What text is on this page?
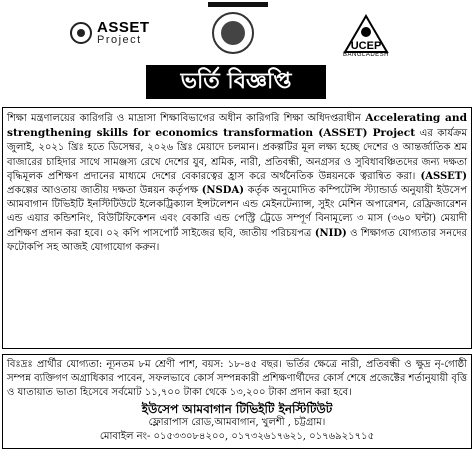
ASSET
Project	UCEP
BANGLADESH
ভর্তি বিজ্ঞপ্তি
শিক্ষা মন্ত্রণালয়ের কারিগরি ও মাদ্রাসা শিক্ষাবিভাগের অধীন কারিগরি শিক্ষা অধিদপ্তরাধীন Accelerating and strengthening skills for economics transformation (ASSET) Project এর কার্যক্রম জুলাই, ২০২১ খ্রিঃ হতে ডিসেম্বর, ২০২৬ খ্রিঃ মেয়াদে চলমান। প্রকল্পটির মূল লক্ষ্য হচ্ছে দেশের ও আন্তর্জাতিক শ্রম বাজারের চাহিদার সাথে সামঞ্জস্য রেখে দেশের যুব, শ্রমিক, নারী, প্রতিবন্ধী, অনগ্রসর ও সুবিধাবঞ্চিতদের জন্য দক্ষতা বৃদ্ধিমূলক প্রশিক্ষণ প্রদানের মাধ্যমে দেশের বেকারত্বের হ্রাস করে অর্থনৈতিক উন্নয়নকে ত্বরান্বিত করা। (ASSET) প্রকল্পের আওতায় জাতীয় দক্ষতা উন্নয়ন কর্তৃপক্ষ (NSDA) কর্তৃক অনুমোদিত কম্পিটেন্সি স্ট্যান্ডার্ড অনুযায়ী ইউসেপ আমবাগান টিভিইটি ইনস্টিটিউটে ইলেকট্রিক্যাল ইন্সটলেশন এন্ড মেইনটেন্যান্স, সুইং মেশিন অপারেশন, রেফ্রিজারেশন এন্ড এয়ার কন্ডিশনিং, বিউটিফিকেশন এবং বেকারি এন্ড পেস্ট্রি ট্রেডে সম্পূর্ণ বিনামূল্যে ৩ মাস (৩৬০ ঘন্টা) মেয়াদী প্রশিক্ষণ প্রদান করা হবে। ০২ কপি পাসপোর্ট সাইজের ছবি, জাতীয় পরিচয়পত্র (NID) ও শিক্ষাগত যোগ্যতার সনদের ফটোকপি সহ আজই যোগাযোগ করুন।
বিঃদ্রঃ প্রার্থীর যোগ্যতা: ন্যূনতম ৮ম শ্রেণী পাশ, বয়স: ১৮-৪৫ বছর। ভর্তির ক্ষেত্রে নারী, প্রতিবন্ধী ও ক্ষুদ্র নৃ-গোষ্ঠী সম্পন্ন ব্যক্তিগণ অগ্রাধিকার পাবেন, সফলভাবে কোর্স সম্পন্নকারী প্রশিক্ষণার্থীদের কোর্স শেষে প্রজেক্টের শর্তানুযায়ী বৃত্তি ও যাতায়াত ভাতা হিসেবে সর্বমোট ১১,৭০০ টাকা থেকে ১৩,২০০ টাকা প্রদান করা হবে।
ইউসেপ আমবাগান টিভিইটি ইনস্টিটিউট
ফ্লোরাপাস রোড,আমবাগান, খুলশী , চট্টগ্রাম।
মোবাইল নং- ০১৫৩৩০৮৪২০০, ০১৭৩২৬১৭৬২১, ০১৭৬৯২১৭১৫
